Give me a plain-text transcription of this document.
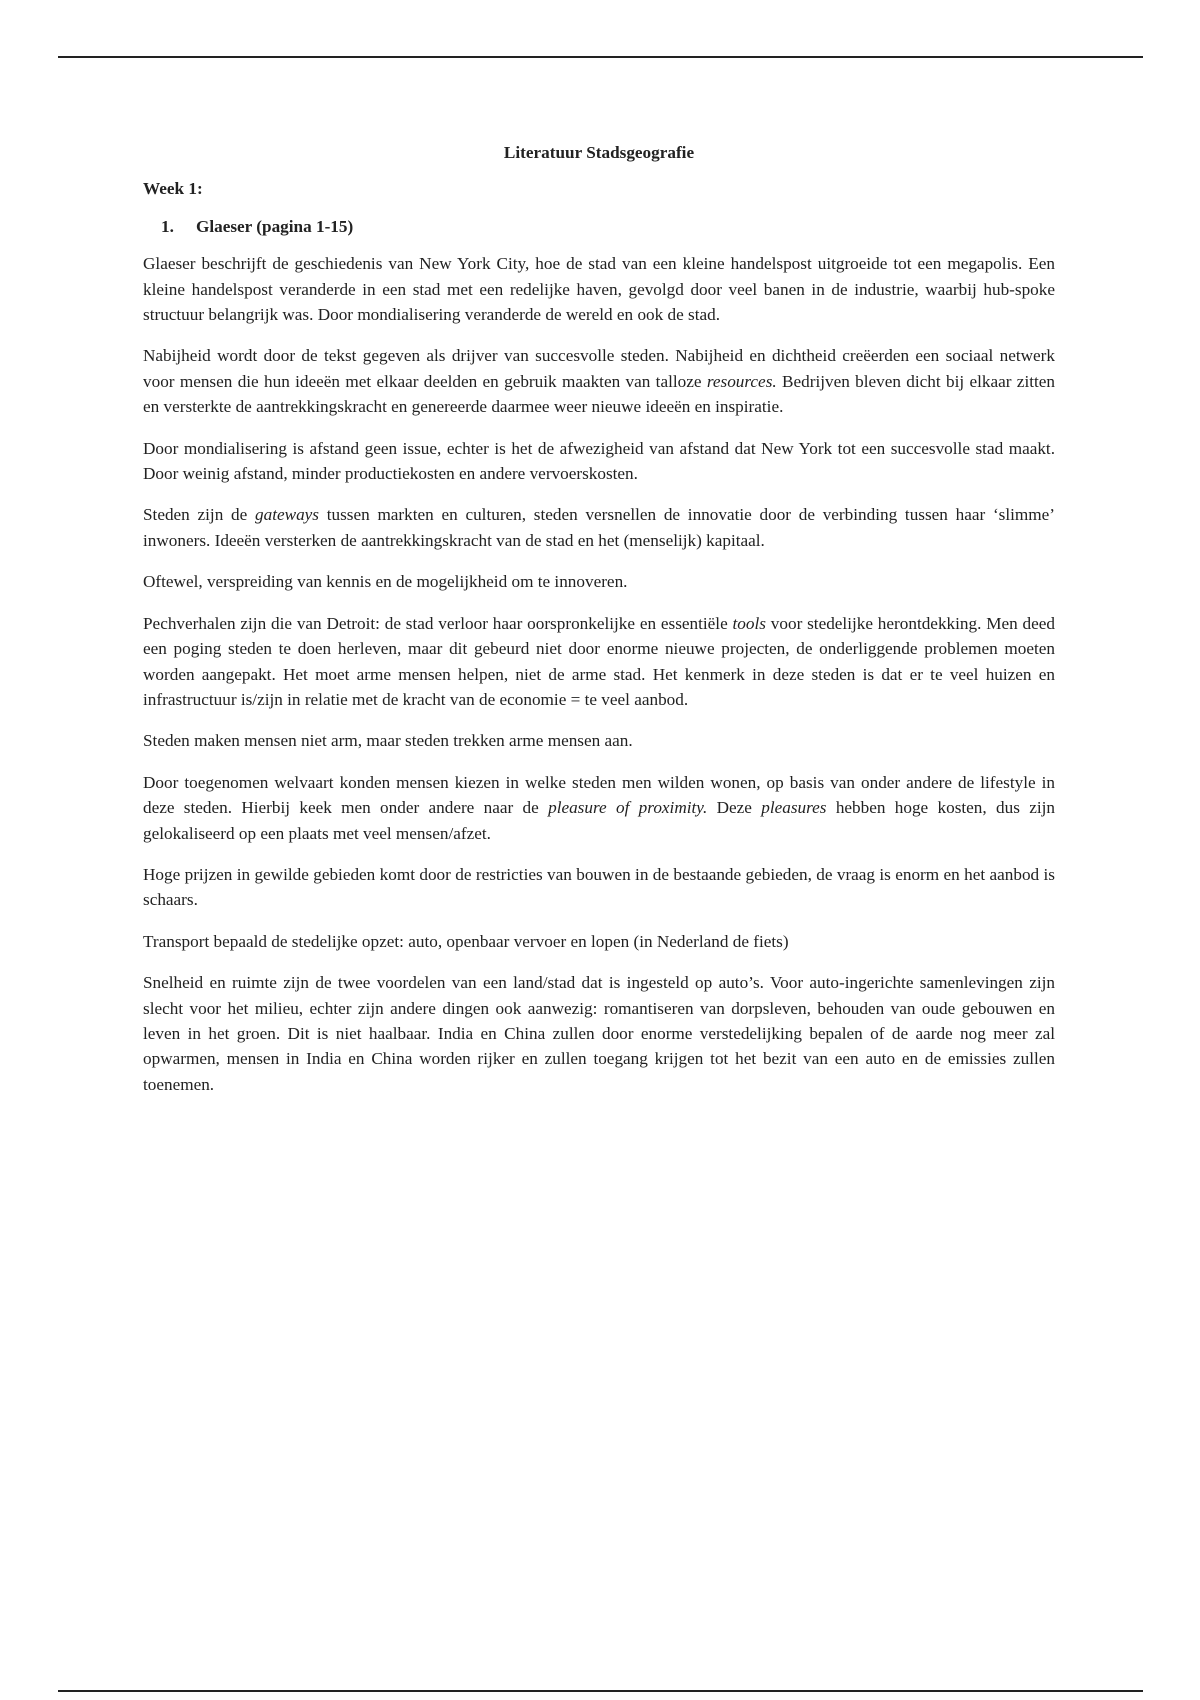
Literatuur Stadsgeografie
Week 1:
1. Glaeser (pagina 1-15)

Glaeser beschrijft de geschiedenis van New York City, hoe de stad van een kleine handelspost uitgroeide tot een megapolis. Een kleine handelspost veranderde in een stad met een redelijke haven, gevolgd door veel banen in de industrie, waarbij hub-spoke structuur belangrijk was. Door mondialisering veranderde de wereld en ook de stad.

Nabijheid wordt door de tekst gegeven als drijver van succesvolle steden. Nabijheid en dichtheid creëerden een sociaal netwerk voor mensen die hun ideeën met elkaar deelden en gebruik maakten van talloze resources. Bedrijven bleven dicht bij elkaar zitten en versterkte de aantrekkingskracht en genereerde daarmee weer nieuwe ideeën en inspiratie.

Door mondialisering is afstand geen issue, echter is het de afwezigheid van afstand dat New York tot een succesvolle stad maakt. Door weinig afstand, minder productiekosten en andere vervoerskosten.

Steden zijn de gateways tussen markten en culturen, steden versnellen de innovatie door de verbinding tussen haar ‘slimme’ inwoners. Ideeën versterken de aantrekkingskracht van de stad en het (menselijk) kapitaal.

Oftewel, verspreiding van kennis en de mogelijkheid om te innoveren.

Pechverhalen zijn die van Detroit: de stad verloor haar oorspronkelijke en essentiële tools voor stedelijke herontdekking. Men deed een poging steden te doen herleven, maar dit gebeurd niet door enorme nieuwe projecten, de onderliggende problemen moeten worden aangepakt. Het moet arme mensen helpen, niet de arme stad. Het kenmerk in deze steden is dat er te veel huizen en infrastructuur is/zijn in relatie met de kracht van de economie = te veel aanbod.

Steden maken mensen niet arm, maar steden trekken arme mensen aan.

Door toegenomen welvaart konden mensen kiezen in welke steden men wilden wonen, op basis van onder andere de lifestyle in deze steden. Hierbij keek men onder andere naar de pleasure of proximity. Deze pleasures hebben hoge kosten, dus zijn gelokaliseerd op een plaats met veel mensen/afzet.

Hoge prijzen in gewilde gebieden komt door de restricties van bouwen in de bestaande gebieden, de vraag is enorm en het aanbod is schaars.

Transport bepaald de stedelijke opzet: auto, openbaar vervoer en lopen (in Nederland de fiets)

Snelheid en ruimte zijn de twee voordelen van een land/stad dat is ingesteld op auto’s. Voor auto-ingerichte samenlevingen zijn slecht voor het milieu, echter zijn andere dingen ook aanwezig: romantiseren van dorpsleven, behouden van oude gebouwen en leven in het groen. Dit is niet haalbaar. India en China zullen door enorme verstedelijking bepalen of de aarde nog meer zal opwarmen, mensen in India en China worden rijker en zullen toegang krijgen tot het bezit van een auto en de emissies zullen toenemen.
